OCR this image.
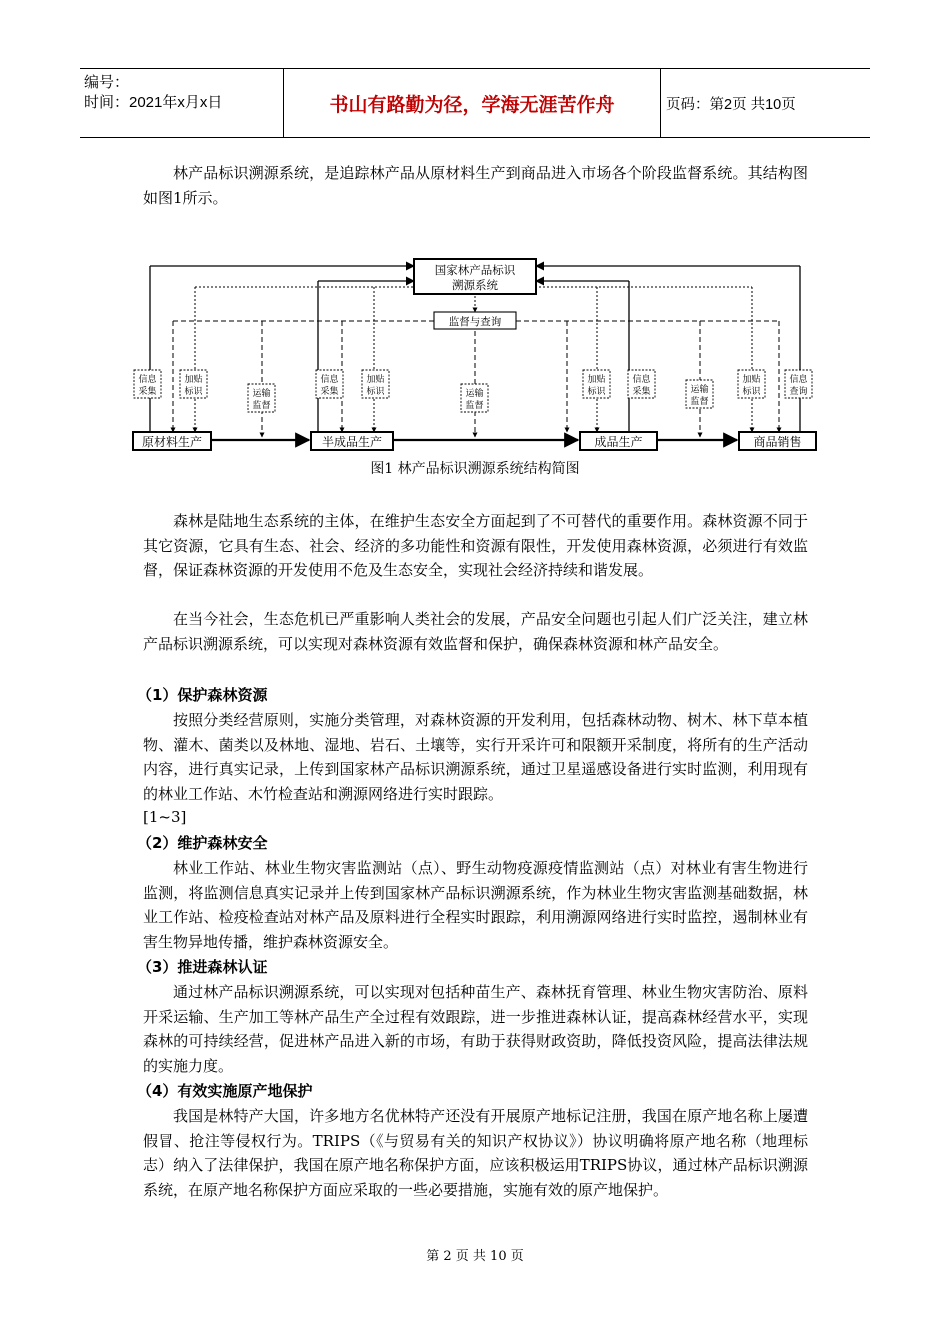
编号：
时间：2021年x月x日	书山有路勤为径，学海无涯苦作舟	页码：第2页 共10页

林产品标识溯源系统，是追踪林产品从原材料生产到商品进入市场各个阶段监督系统。其结构图如图1所示。

国家林产品标识
溯源系统
监督与查询
信息
采集
加贴
标识	运输
监督
信息
采集
加贴
标识	运输
监督
加贴
标识
信息
采集	运输
监督
加贴
标识
信息
查询
原材料生产	半成品生产	成品生产	商品销售
图1 林产品标识溯源系统结构简图

森林是陆地生态系统的主体，在维护生态安全方面起到了不可替代的重要作用。森林资源不同于其它资源，它具有生态、社会、经济的多功能性和资源有限性，开发使用森林资源，必须进行有效监督，保证森林资源的开发使用不危及生态安全，实现社会经济持续和谐发展。

在当今社会，生态危机已严重影响人类社会的发展，产品安全问题也引起人们广泛关注，建立林产品标识溯源系统，可以实现对森林资源有效监督和保护，确保森林资源和林产品安全。

（1）保护森林资源

按照分类经营原则，实施分类管理，对森林资源的开发利用，包括森林动物、树木、林下草本植物、灌木、菌类以及林地、湿地、岩石、土壤等，实行开采许可和限额开采制度，将所有的生产活动内容，进行真实记录，上传到国家林产品标识溯源系统，通过卫星遥感设备进行实时监测，利用现有的林业工作站、木竹检查站和溯源网络进行实时跟踪。

[1~3]
（2）维护森林安全

林业工作站、林业生物灾害监测站（点）、野生动物疫源疫情监测站（点）对林业有害生物进行监测，将监测信息真实记录并上传到国家林产品标识溯源系统，作为林业生物灾害监测基础数据，林业工作站、检疫检查站对林产品及原料进行全程实时跟踪，利用溯源网络进行实时监控，遏制林业有害生物异地传播，维护森林资源安全。

（3）推进森林认证

通过林产品标识溯源系统，可以实现对包括种苗生产、森林抚育管理、林业生物灾害防治、原料开采运输、生产加工等林产品生产全过程有效跟踪，进一步推进森林认证，提高森林经营水平，实现森林的可持续经营，促进林产品进入新的市场，有助于获得财政资助，降低投资风险，提高法律法规的实施力度。

（4）有效实施原产地保护

我国是林特产大国，许多地方名优林特产还没有开展原产地标记注册，我国在原产地名称上屡遭假冒、抢注等侵权行为。TRIPS（《与贸易有关的知识产权协议》）协议明确将原产地名称（地理标志）纳入了法律保护，我国在原产地名称保护方面，应该积极运用TRIPS协议，通过林产品标识溯源系统，在原产地名称保护方面应采取的一些必要措施，实施有效的原产地保护。

第 2 页 共 10 页
